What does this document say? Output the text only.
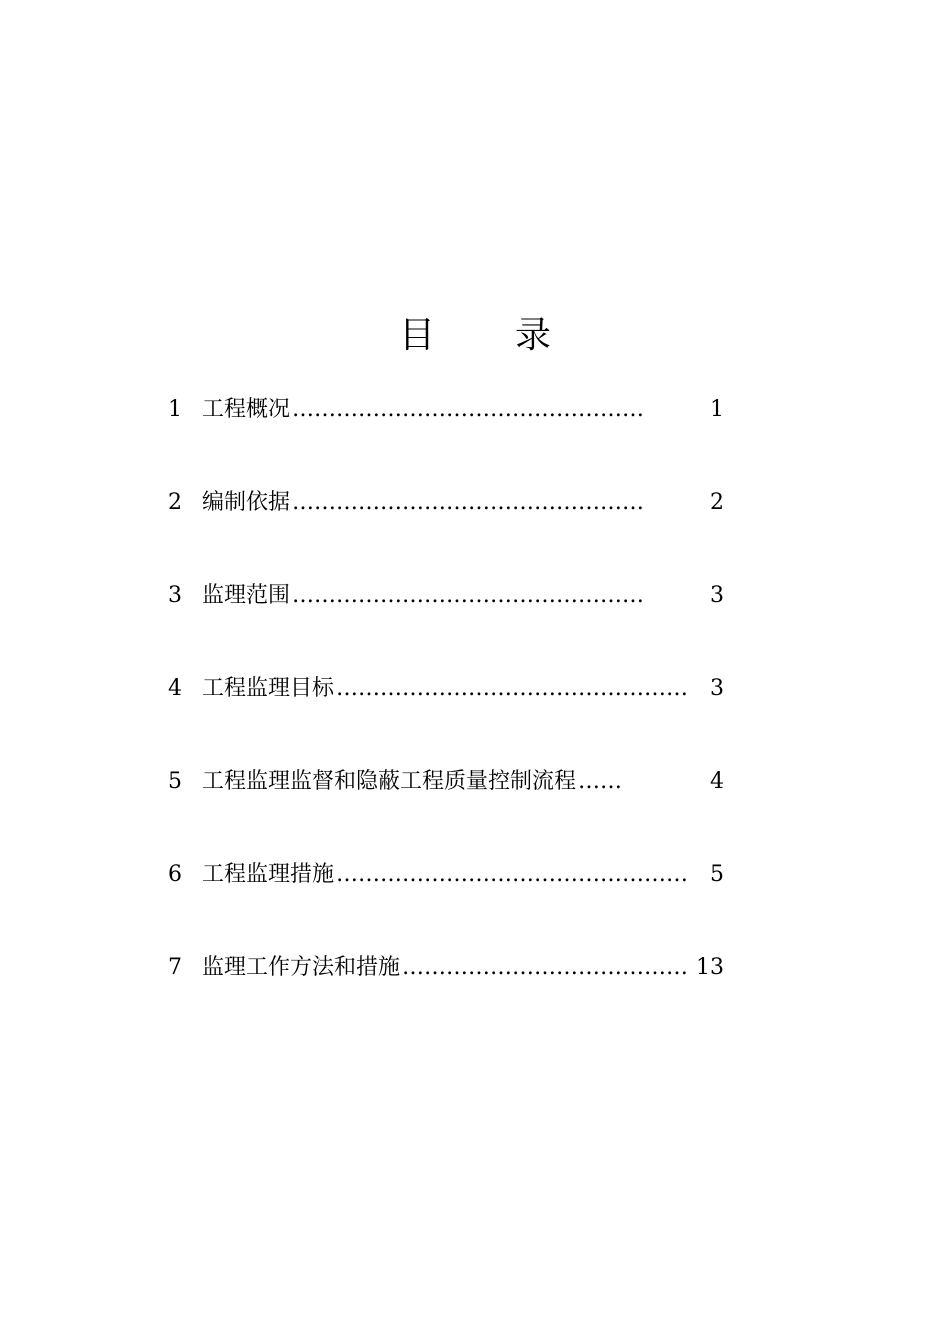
目 录
1 工程概况 …………………………………………	1
2 编制依据 …………………………………………	2
3 监理范围 …………………………………………	3
4 工程监理目标 ………………………………………… 3
5 工程监理监督和隐蔽工程质量控制流程 ……	4
6 工程监理措施 ………………………………………… 5
7 监理工作方法和措施 ………………………………… 13
